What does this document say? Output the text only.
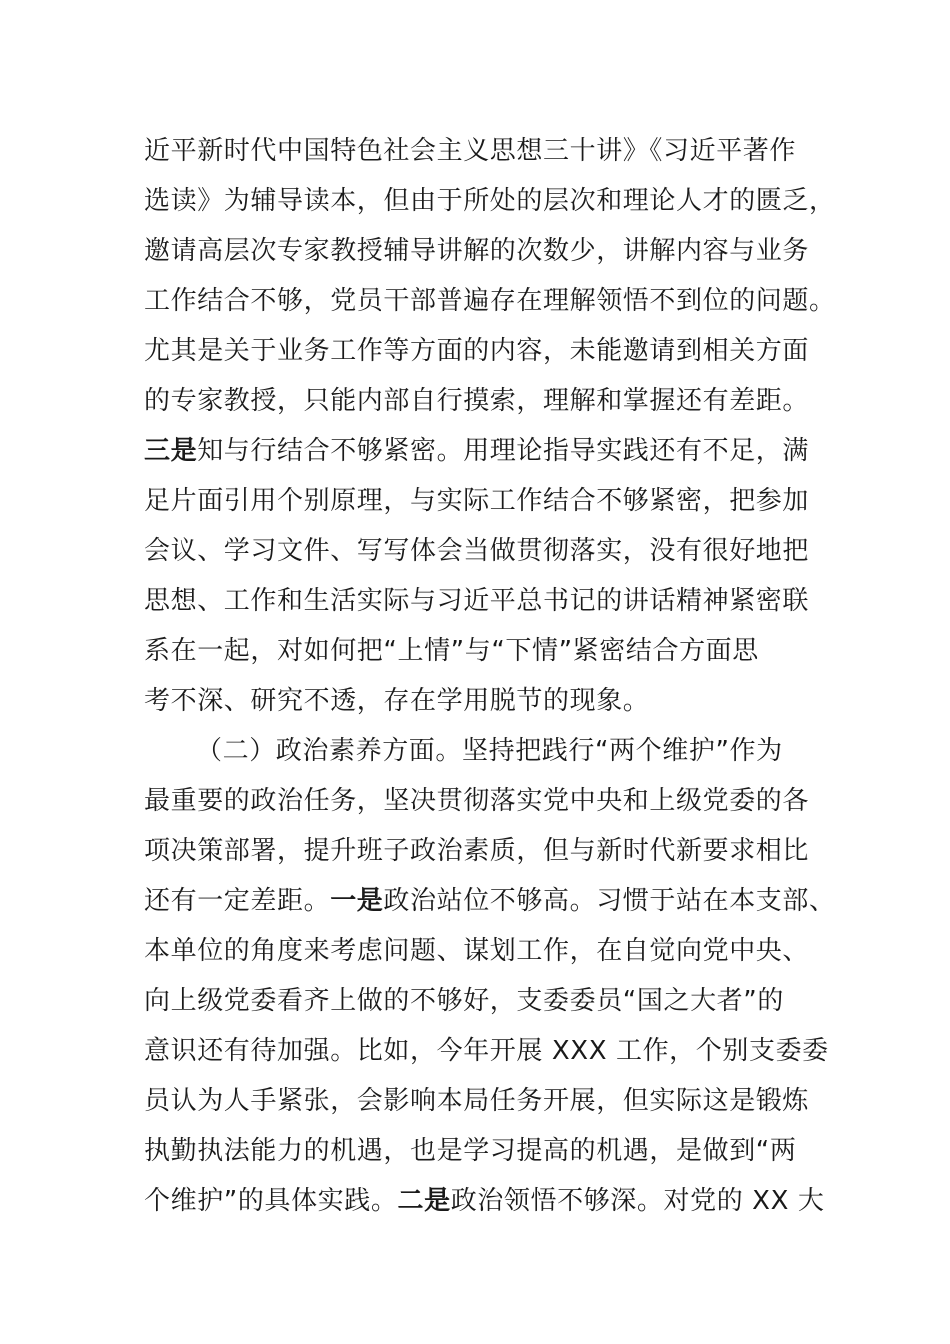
近平新时代中国特色社会主义思想三十讲》《习近平著作
选读》为辅导读本，但由于所处的层次和理论人才的匮乏，
邀请高层次专家教授辅导讲解的次数少，讲解内容与业务
工作结合不够，党员干部普遍存在理解领悟不到位的问题。
尤其是关于业务工作等方面的内容，未能邀请到相关方面
的专家教授，只能内部自行摸索，理解和掌握还有差距。
三是知与行结合不够紧密。用理论指导实践还有不足，满
足片面引用个别原理，与实际工作结合不够紧密，把参加
会议、学习文件、写写体会当做贯彻落实，没有很好地把
思想、工作和生活实际与习近平总书记的讲话精神紧密联
系在一起，对如何把“上情”与“下情”紧密结合方面思
考不深、研究不透，存在学用脱节的现象。
（二）政治素养方面。坚持把践行“两个维护”作为
最重要的政治任务，坚决贯彻落实党中央和上级党委的各
项决策部署，提升班子政治素质，但与新时代新要求相比
还有一定差距。一是政治站位不够高。习惯于站在本支部、
本单位的角度来考虑问题、谋划工作，在自觉向党中央、
向上级党委看齐上做的不够好，支委委员“国之大者”的
意识还有待加强。比如，今年开展 XXX 工作，个别支委委
员认为人手紧张，会影响本局任务开展，但实际这是锻炼
执勤执法能力的机遇，也是学习提高的机遇，是做到“两
个维护”的具体实践。二是政治领悟不够深。对党的 XX 大
